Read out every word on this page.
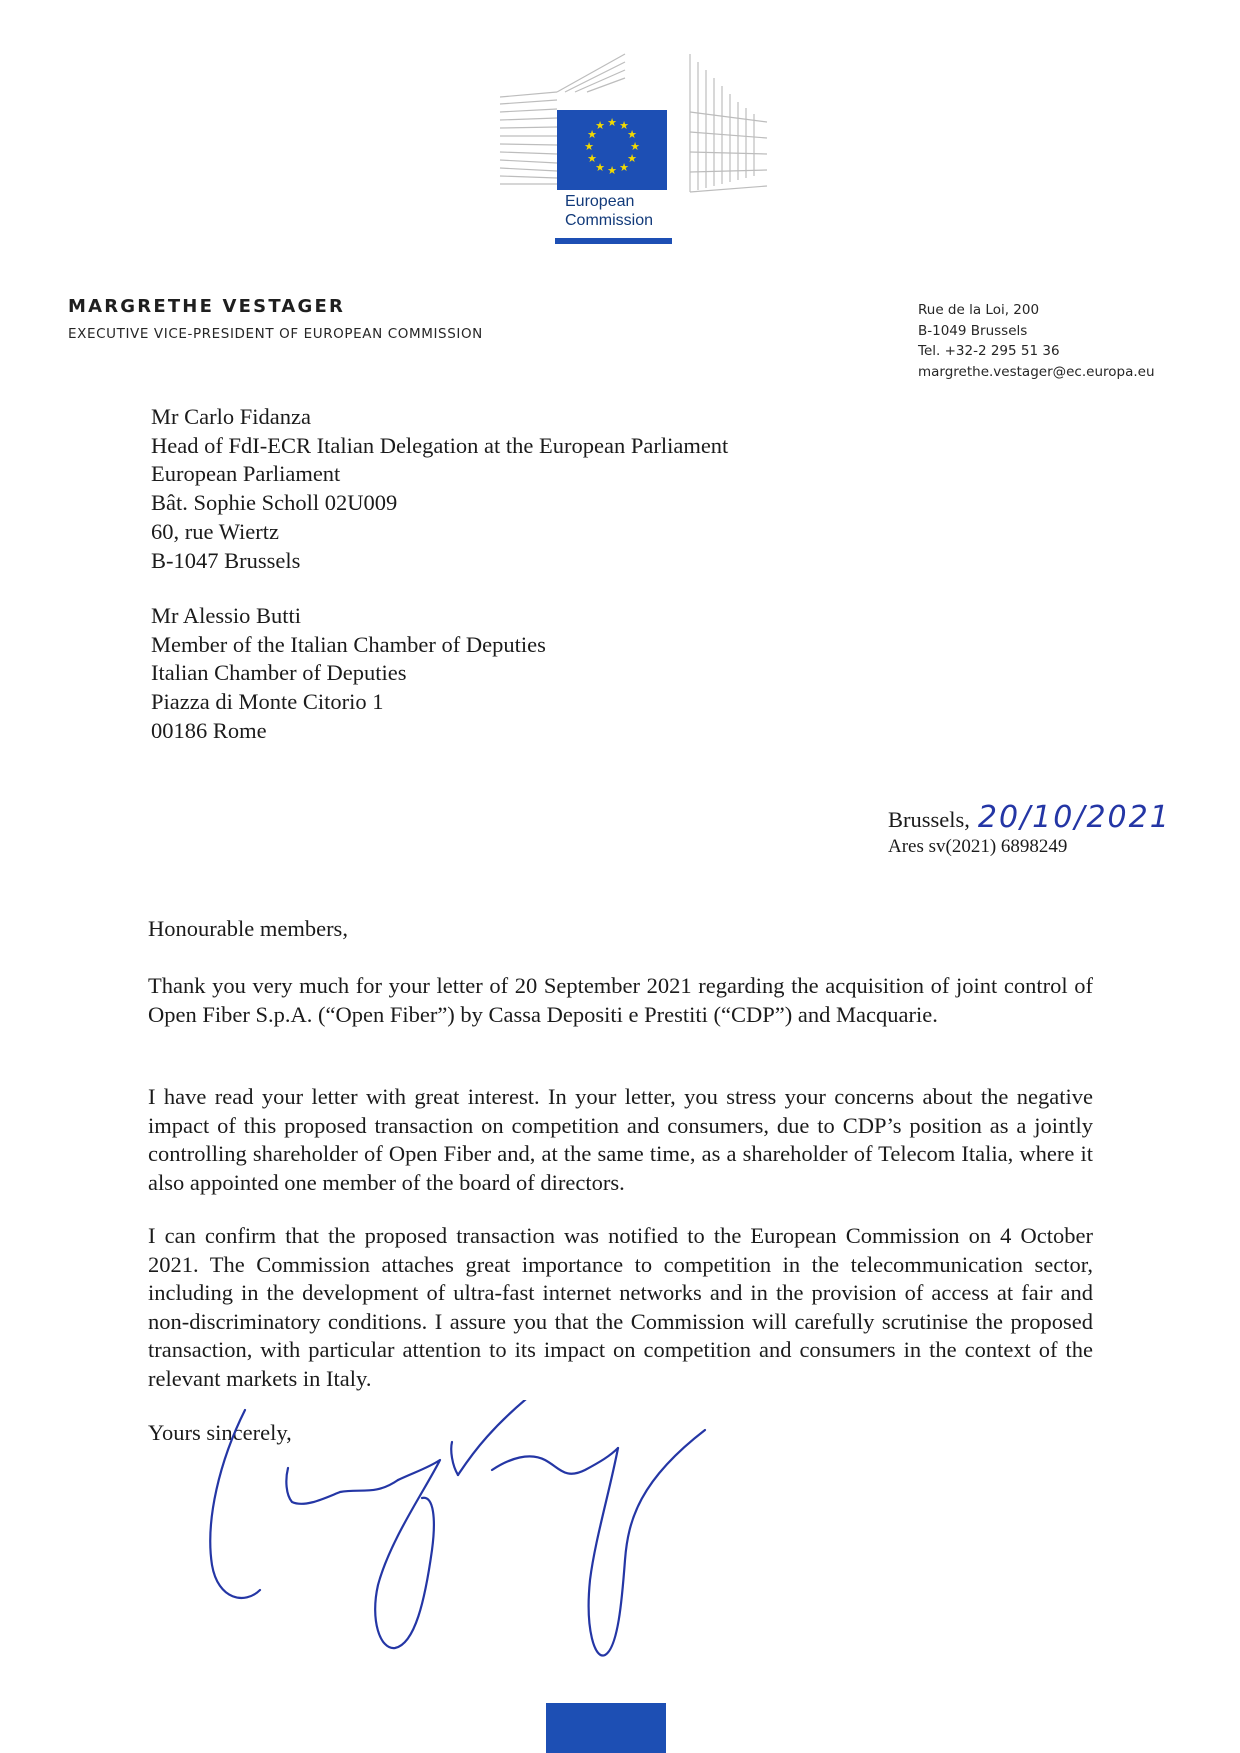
★ ★
★
★
★
★
★
★
★
★
★
★
European
Commission
MARGRETHE VESTAGER
EXECUTIVE VICE-PRESIDENT OF EUROPEAN COMMISSION
Rue de la Loi, 200
B-1049 Brussels
Tel. +32-2 295 51 36
margrethe.vestager@ec.europa.eu
Mr Carlo Fidanza
Head of FdI-ECR Italian Delegation at the European Parliament
European Parliament
Bât. Sophie Scholl 02U009
60, rue Wiertz
B-1047 Brussels
Mr Alessio Butti
Member of the Italian Chamber of Deputies
Italian Chamber of Deputies
Piazza di Monte Citorio 1
00186 Rome
Brussels, 20/10/2021
Ares sv(2021) 6898249
Honourable members,
Thank you very much for your letter of 20 September 2021 regarding the acquisition of joint control of Open Fiber S.p.A. (“Open Fiber”) by Cassa Depositi e Prestiti (“CDP”) and Macquarie.
I have read your letter with great interest. In your letter, you stress your concerns about the negative impact of this proposed transaction on competition and consumers, due to CDP’s position as a jointly controlling shareholder of Open Fiber and, at the same time, as a shareholder of Telecom Italia, where it also appointed one member of the board of directors.
I can confirm that the proposed transaction was notified to the European Commission on 4 October 2021. The Commission attaches great importance to competition in the telecommunication sector, including in the development of ultra-fast internet networks and in the provision of access at fair and non-discriminatory conditions. I assure you that the Commission will carefully scrutinise the proposed transaction, with particular attention to its impact on competition and consumers in the context of the relevant markets in Italy.
Yours sincerely,
